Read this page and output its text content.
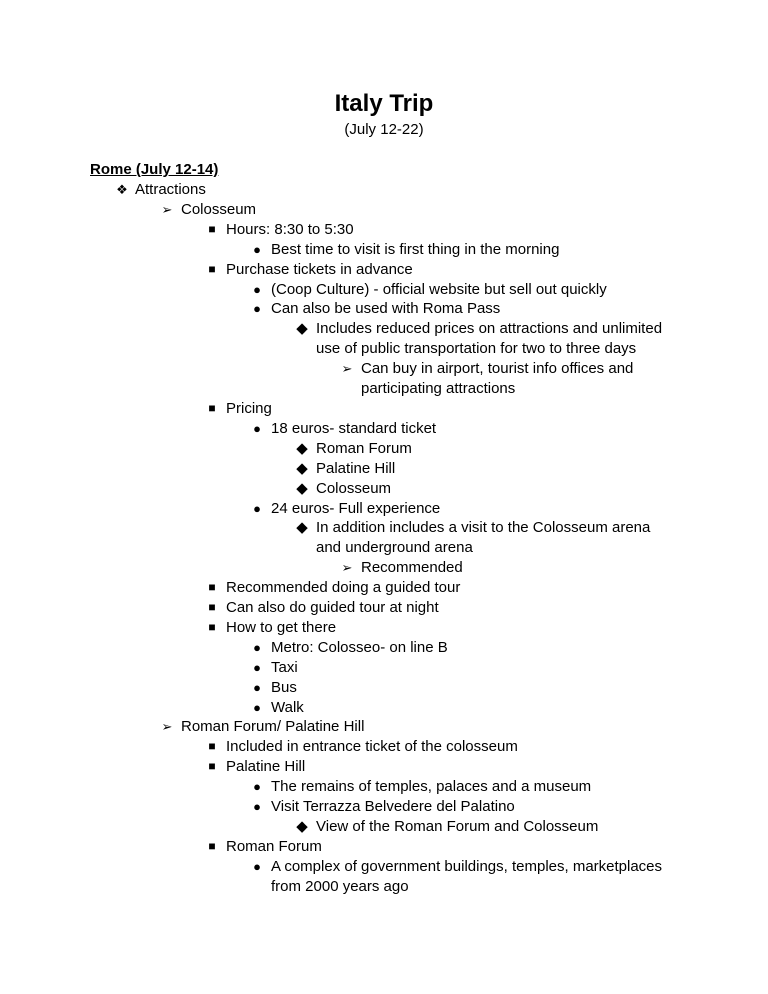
Italy Trip
(July 12-22)
Rome (July 12-14)
❖ Attractions
➢ Colosseum
■ Hours: 8:30 to 5:30
● Best time to visit is first thing in the morning
■ Purchase tickets in advance
● (Coop Culture) - official website but sell out quickly
● Can also be used with Roma Pass
◆ Includes reduced prices on attractions and unlimited use of public transportation for two to three days
➢ Can buy in airport, tourist info offices and participating attractions
■ Pricing
● 18 euros- standard ticket
◆ Roman Forum
◆ Palatine Hill
◆ Colosseum
● 24 euros- Full experience
◆ In addition includes a visit to the Colosseum arena and underground arena
➢ Recommended
■ Recommended doing a guided tour
■ Can also do guided tour at night
■ How to get there
● Metro: Colosseo- on line B
● Taxi
● Bus
● Walk
➢ Roman Forum/ Palatine Hill
■ Included in entrance ticket of the colosseum
■ Palatine Hill
● The remains of temples, palaces and a museum
● Visit Terrazza Belvedere del Palatino
◆ View of the Roman Forum and Colosseum
■ Roman Forum
● A complex of government buildings, temples, marketplaces from 2000 years ago
